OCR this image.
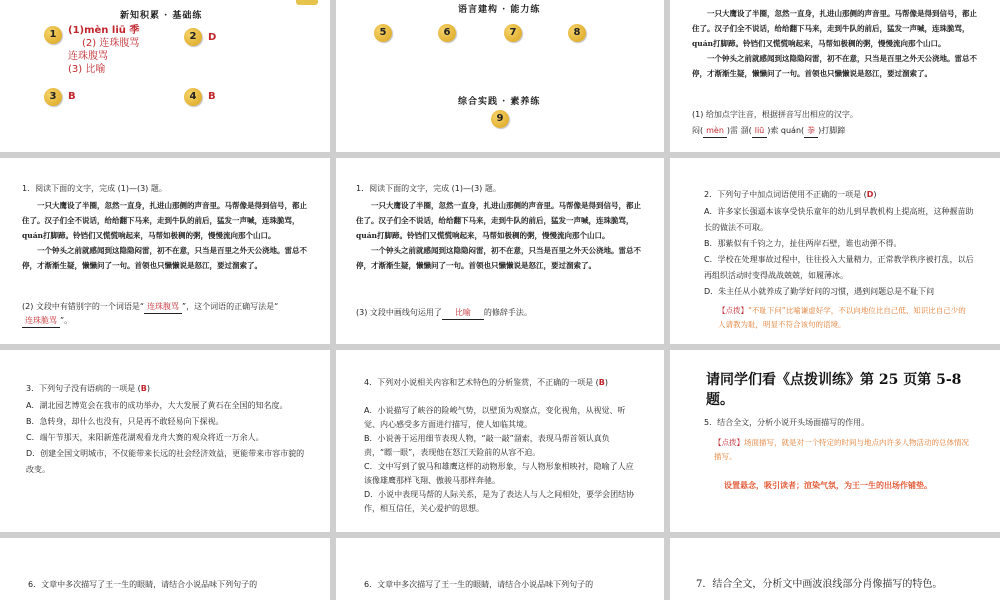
新知积累 · 基础练
1	(1)mèn liū 季
(2) 连珠腹骂
连珠腹骂
(3) 比喻
2	D
3	B	4	B
语言建构 · 能力练
5	6	7	8
综合实践 · 素养练
9

一只大鹰设了半圈，忽然一直身，扎进山那侧的声音里。马帮像是得到信号，都止住了。汉子们全不说话，给给翻下马来，走到牛队的前后，猛发一声喊，连珠脆骂，quán打脚蹄。铃铛们又慌慌响起来，马帮如极稠的粥，慢慢流向那个山口。

一个钟头之前就感闻到这隐隐闷雷，初不在意，只当是百里之外天公浇地。雷总不停，才渐渐生疑，懒懒问了一句。首领也只懒懒说是怒江，要过溜索了。

(1) 给加点字注音，根据拼音写出相应的汉字。
闷( mèn )雷 溜( liū )索 quán( 拳 )打脚蹄
1．阅读下面的文字，完成 (1)—(3) 题。

一只大鹰设了半圈，忽然一直身，扎进山那侧的声音里。马帮像是得到信号，都止住了。汉子们全不说话，给给翻下马来，走到牛队的前后，猛发一声喊，连珠脆骂，quán打脚蹄。铃铛们又慌慌响起来，马帮如极稠的粥，慢慢流向那个山口。

一个钟头之前就感闻到这隐隐闷雷，初不在意，只当是百里之外天公浇地。雷总不停，才渐渐生疑，懒懒问了一句。首领也只懒懒说是怒江，要过溜索了。

(2) 文段中有错别字的一个词语是“ 连珠腹骂 ”，这个词语的正确写法是“连珠脆骂 ”。
1．阅读下面的文字，完成 (1)—(3) 题。

一只大鹰设了半圈，忽然一直身，扎进山那侧的声音里。马帮像是得到信号，都止住了。汉子们全不说话，给给翻下马来，走到牛队的前后，猛发一声喊，连珠脆骂，quán打脚蹄。铃铛们又慌慌响起来，马帮如极稠的粥，慢慢流向那个山口。

一个钟头之前就感闻到这隐隐闷雷，初不在意，只当是百里之外天公浇地。雷总不停，才渐渐生疑，懒懒问了一句。首领也只懒懒说是怒江，要过溜索了。

(3) 文段中画线句运用了 比喻 的修辞手法。
2．下列句子中加点词语使用不正确的一项是 (D)

A．许多家长强逼本该享受快乐童年的幼儿到早教机构上提高班，这种揠苗助长的做法不可取。

B．那紫似有千钧之力，扯住两岸石壁，谁也动弹不得。

C．学校在处理事故过程中，往往投入大量精力，正常教学秩序被打乱，以后再组织活动时变得战战兢兢，如履薄冰。

D．朱主任从小就养成了勤学好问的习惯，遇到问题总是不耻下问

【点拨】“不耻下问”比喻谦虚好学，不以向地位比自己低、知识比自己少的人请教为耻，明显不符合该句的语境。
3．下列句子没有语病的一项是 (B)

A．湖北园艺博览会在我市的成功举办，大大发展了黄石在全国的知名度。

B．急转身，却什么也没有，只是再不敢轻易向下探视。

C．端午节那天，来阳新莲花湖观看龙舟大赛的观众将近一万余人。

D．创建全国文明城市，不仅能带来长远的社会经济效益，更能带来市容市貌的改变。

4．下列对小说相关内容和艺术特色的分析鉴赏，不正确的一项是 (B)

A．小说描写了峡谷的险峻气势，以壁顶为观察点，变化视角，从视觉、听觉、内心感受多方面进行描写，使人如临其境。

B．小说善于运用细节表现人物，“敲一敲”溜索，表现马帮首领认真负责，“瞟一眼”，表现他在怒江天险前的从容不迫。

C．文中写到了貌马和雄鹰这样的动物形象，与人物形象相映衬，隐喻了人应该像雄鹰那样飞翔、傲骏马那样奔驰。

D．小说中表现马帮的人际关系，是为了表达人与人之间相处，要学会团结协作，相互信任，关心爱护的思想。

请同学们看《点拨训练》第 25 页第 5-8 题。
5．结合全文，分析小说开头场面描写的作用。
【点拨】场面描写，就是对一个特定的时间与地点内许多人物活动的总体情况描写。
设置悬念，吸引读者；渲染气氛，为王一生的出场作铺垫。
6．文章中多次描写了王一生的眼睛，请结合小说品味下列句子的	6．文章中多次描写了王一生的眼睛，请结合小说品味下列句子的	7．结合全文，分析文中画波浪线部分肖像描写的特色。
